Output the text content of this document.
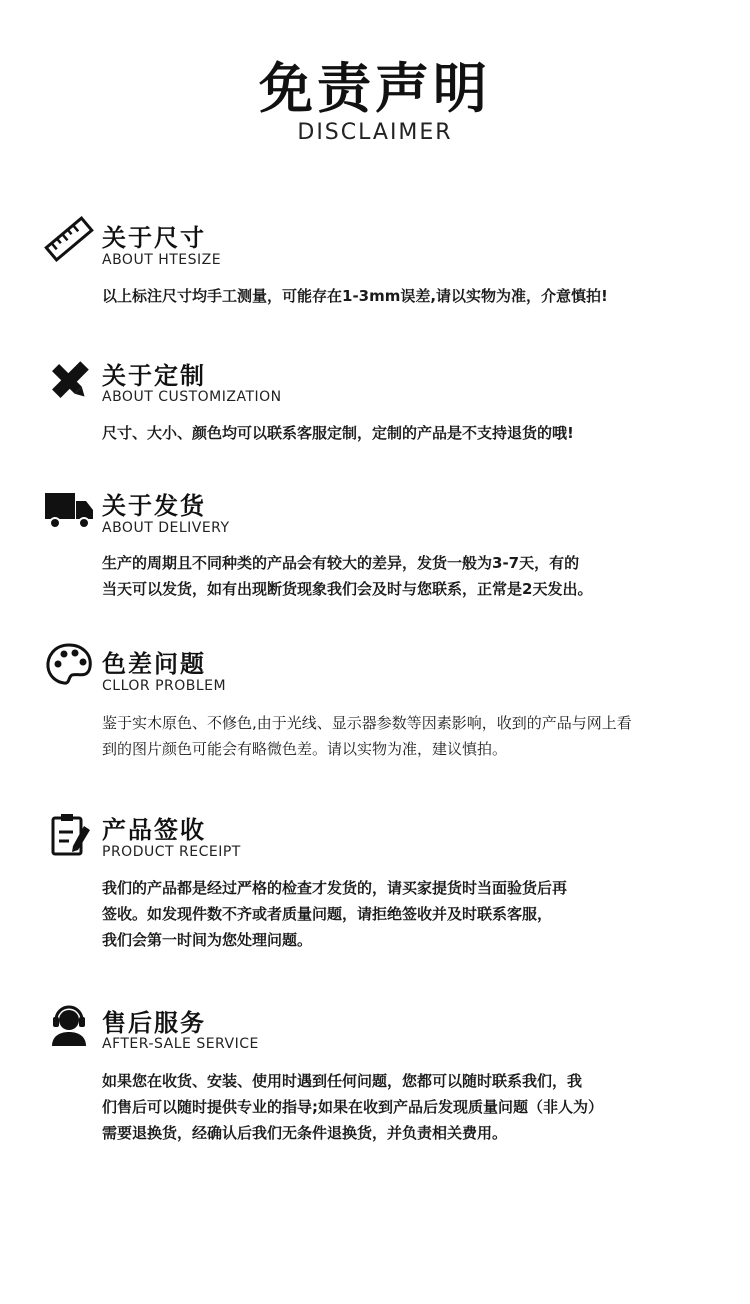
免责声明
DISCLAIMER
关于尺寸
ABOUT HTESIZE

以上标注尺寸均手工测量，可能存在1-3mm误差,请以实物为准，介意慎拍!

关于定制
ABOUT CUSTOMIZATION

尺寸、大小、颜色均可以联系客服定制，定制的产品是不支持退货的哦!

关于发货
ABOUT DELIVERY

生产的周期且不同种类的产品会有较大的差异，发货一般为3-7天，有的

当天可以发货，如有出现断货现象我们会及时与您联系，正常是2天发出。

色差问题
CLLOR PROBLEM

鉴于实木原色、不修色,由于光线、显示器参数等因素影响，收到的产品与网上看

到的图片颜色可能会有略微色差。请以实物为准，建议慎拍。

产品签收
PRODUCT RECEIPT

我们的产品都是经过严格的检查才发货的，请买家提货时当面验货后再

签收。如发现件数不齐或者质量问题，请拒绝签收并及时联系客服，

我们会第一时间为您处理问题。

售后服务
AFTER-SALE SERVICE

如果您在收货、安装、使用时遇到任何问题，您都可以随时联系我们，我

们售后可以随时提供专业的指导;如果在收到产品后发现质量问题（非人为）

需要退换货，经确认后我们无条件退换货，并负责相关费用。
